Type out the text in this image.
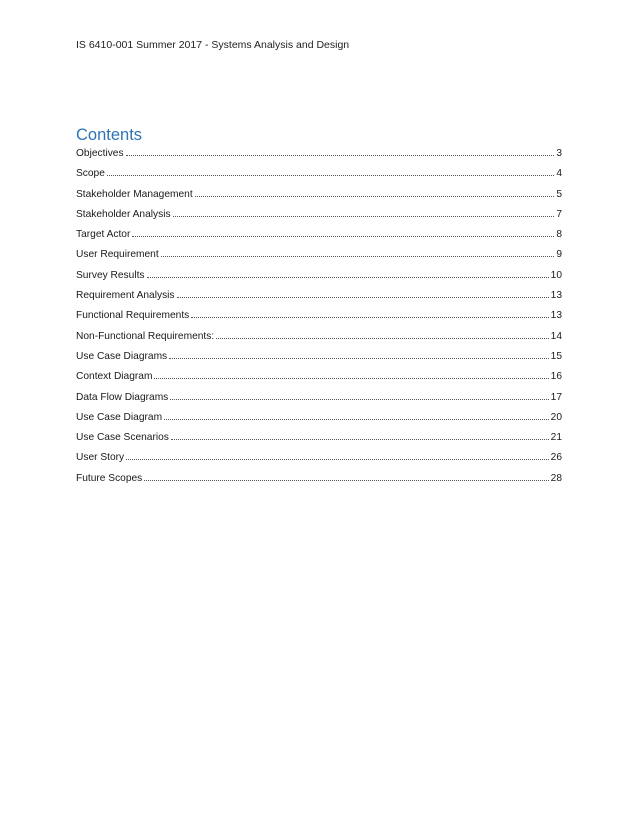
IS 6410-001 Summer 2017 - Systems Analysis and Design
Contents
Objectives	3
Scope	4
Stakeholder Management	5
Stakeholder Analysis	7
Target Actor	8
User Requirement	9
Survey Results	10
Requirement Analysis	13
Functional Requirements	13
Non-Functional Requirements:	14
Use Case Diagrams	15
Context Diagram	16
Data Flow Diagrams	17
Use Case Diagram	20
Use Case Scenarios	21
User Story	26
Future Scopes	28
